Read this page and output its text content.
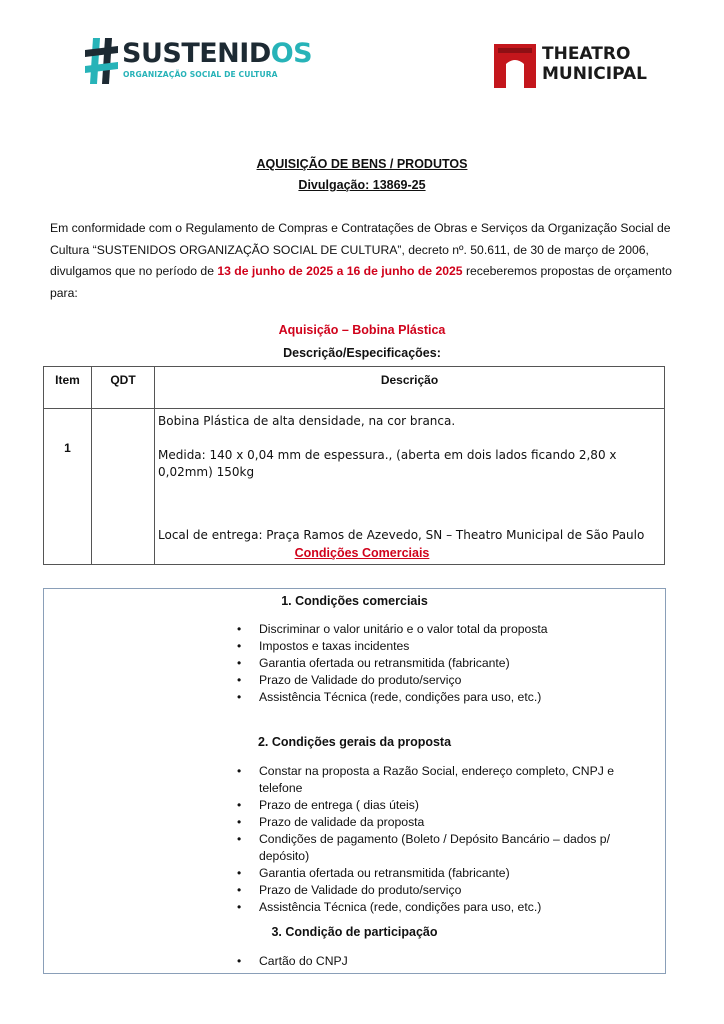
SUSTENIDOS
ORGANIZAÇÃO SOCIAL DE CULTURA
THEATRO
MUNICIPAL
AQUISIÇÃO DE BENS / PRODUTOS
Divulgação: 13869-25
Em conformidade com o Regulamento de Compras e Contratações de Obras e Serviços da Organização Social de Cultura “SUSTENIDOS ORGANIZAÇÃO SOCIAL DE CULTURA”, decreto nº. 50.611, de 30 de março de 2006, divulgamos que no período de 13 de junho de 2025 a 16 de junho de 2025 receberemos propostas de orçamento para:
Aquisição – Bobina Plástica
Descrição/Especificações:
Item	QDT	Descrição
1		Bobina Plástica de alta densidade, na cor branca.

Medida: 140 x 0,04 mm de espessura., (aberta em dois lados ficando 2,80 x 0,02mm) 150kg

Local de entrega: Praça Ramos de Azevedo, SN – Theatro Municipal de São Paulo

Condições Comerciais
1. Condições comerciais
• Discriminar o valor unitário e o valor total da proposta
• Impostos e taxas incidentes
• Garantia ofertada ou retransmitida (fabricante)
• Prazo de Validade do produto/serviço
• Assistência Técnica (rede, condições para uso, etc.)
2. Condições gerais da proposta
• Constar na proposta a Razão Social, endereço completo, CNPJ e telefone
• Prazo de entrega ( dias úteis)
• Prazo de validade da proposta
• Condições de pagamento (Boleto / Depósito Bancário – dados p/ depósito)
• Garantia ofertada ou retransmitida (fabricante)
• Prazo de Validade do produto/serviço
• Assistência Técnica (rede, condições para uso, etc.)
3. Condição de participação
• Cartão do CNPJ
